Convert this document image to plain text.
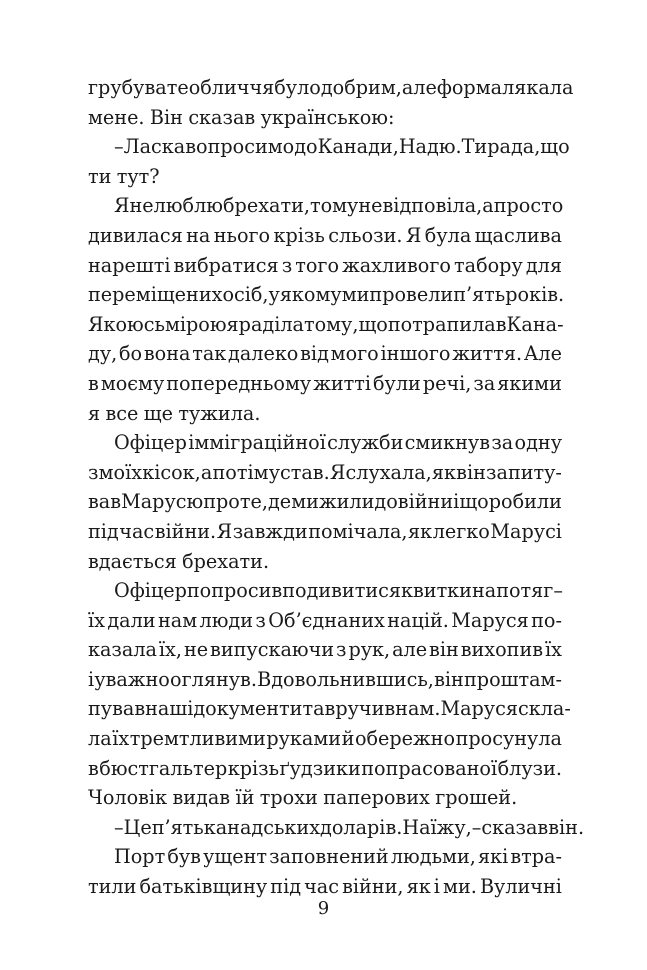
грубувате обличчя було добрим, але форма лякала
мене. Він сказав українською:
– Ласкаво просимо до Канади, Надю. Ти рада, що
ти тут?
Я не люблю брехати, тому не відповіла, а просто
дивилася на нього крізь сльози. Я була щаслива
нарешті вибратися з того жахливого табору для
переміщених осіб, у якому ми провели п’ять років.
Якоюсь мірою я раділа тому, що потрапила в Кана-
ду, бо вона так далеко від мого іншого життя. Але
в моєму попередньому житті були речі, за якими
я все ще тужила.
Офіцер імміграційної служби смикнув за одну
з моїх кісок, а потім устав. Я слухала, як він запиту-
вав Марусю про те, де ми жили до війни і що робили
під час війни. Я завжди помічала, як легко Марусі
вдається брехати.
Офіцер попросив подивитися квитки на потяг –
їх дали нам люди з Об’єднаних націй. Маруся по-
казала їх, не випускаючи з рук, але він вихопив їх
і уважно оглянув. Вдовольнившись, він проштам-
пував наші документи та вручив нам. Маруся скла-
ла їх тремтливими руками й обережно просунула
в бюстгальтер крізь ґудзики попрасованої блузи.
Чоловік видав їй трохи паперових грошей.
– Це п’ять канадських доларів. На їжу, – сказав він.
Порт був ущент заповнений людьми, які втра-
тили батьківщину під час війни, як і ми. Вуличні
9
